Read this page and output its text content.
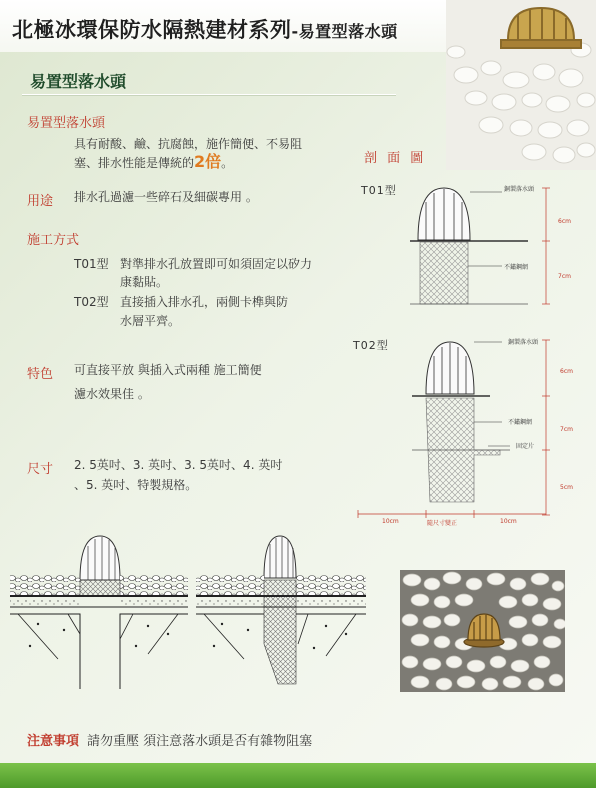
北極冰環保防水隔熱建材系列-易置型落水頭
易置型落水頭
易置型落水頭
具有耐酸、鹼、抗腐蝕，施作簡便、不易阻
塞、排水性能是傳統的2倍。
用途 排水孔過濾一些碎石及細碳專用 。
施工方式
T01型 對準排水孔放置即可如須固定以矽力
康黏貼。
T02型 直接插入排水孔，兩側卡榫與防
水層平齊。
特色 可直接平放 與插入式兩種 施工簡便
濾水效果佳 。
尺寸 2. 5英吋、3. 英吋、3. 5英吋、4. 英吋
、5. 英吋、特製規格。
剖 面 圖
T01型
T02型
銅製落水頭
不鏽鋼網
6cm
7cm
銅製落水頭
不鏽鋼網
固定片
6cm
7cm
5cm
10cm	隨尺寸變正	10cm
注意事項 請勿重壓 須注意落水頭是否有雜物阻塞
